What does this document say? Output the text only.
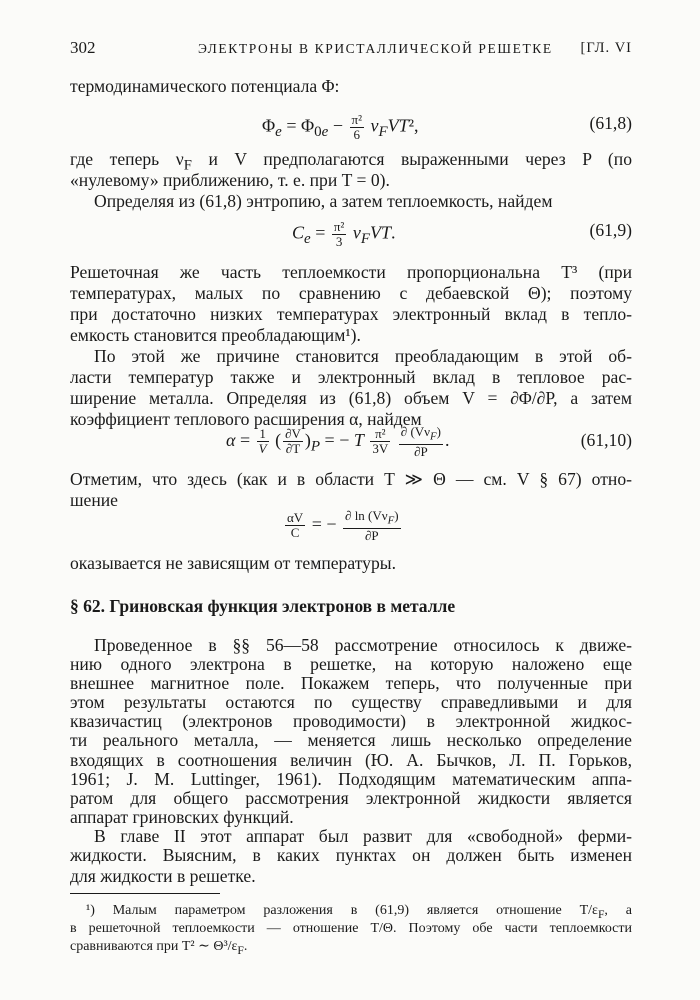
302	ЭЛЕКТРОНЫ В КРИСТАЛЛИЧЕСКОЙ РЕШЕТКЕ [ГЛ. VI
термодинамического потенциала Φ:
$\Phi_e = \Phi_{0e} - \frac{\text{π²}}{6} \nu_FVT^2$,	(61,8)
где теперь $\nu_F$ и V предполагаются выраженными через P (по
«нулевому» приближению, т. е. при T = 0).
Определяя из (61,8) энтропию, а затем теплоемкость, найдем
$C_e = \frac{\text{π²}}{3} \nu_FVT$.	(61,9)
Решеточная же часть теплоемкости пропорциональна T³ (при
температурах, малых по сравнению с дебаевской Θ); поэтому
при достаточно низких температурах электронный вклад в тепло-
емкость становится преобладающим¹).
По этой же причине становится преобладающим в этой об-
ласти температур также и электронный вклад в тепловое рас-
ширение металла. Определяя из (61,8) объем V = ∂Φ/∂P, а затем
коэффициент теплового расширения α, найдем
$\alpha = \frac{1}{V}$ ( $\frac{\partial V}{\partial T} )_P$ = − T $\frac{\text{π²}}{3V}$
$\frac{\partial (V\nu_F)}{\partial P}$ .	(61,10)
Отметим, что здесь (как и в области T ≫ Θ — см. V § 67) отно-
шение
$\frac{\alpha V}{C}$ = − $\frac{\partial \ln (V\nu_F)}{\partial P}$
оказывается не зависящим от температуры.
§ 62. Гриновская функция электронов в металле
Проведенное в §§ 56—58 рассмотрение относилось к движе-
нию одного электрона в решетке, на которую наложено еще
внешнее магнитное поле. Покажем теперь, что полученные при
этом результаты остаются по существу справедливыми и для
квазичастиц (электронов проводимости) в электронной жидкос-
ти реального металла, — меняется лишь несколько определение
входящих в соотношения величин (Ю. А. Бычков, Л. П. Горьков,
1961; J. M. Luttinger, 1961). Подходящим математическим аппа-
ратом для общего рассмотрения электронной жидкости является
аппарат гриновских функций.
В главе II этот аппарат был развит для «свободной» ферми-
жидкости. Выясним, в каких пунктах он должен быть изменен
¹) Малым параметром разложения в (61,9) является отношение $T/\varepsilon_F$, а
в решеточной теплоемкости — отношение T/Θ. Поэтому обе части теплоемкости
сравниваются при T² ∼ $\Theta^3/\varepsilon_F$.
для жидкости в решетке.
